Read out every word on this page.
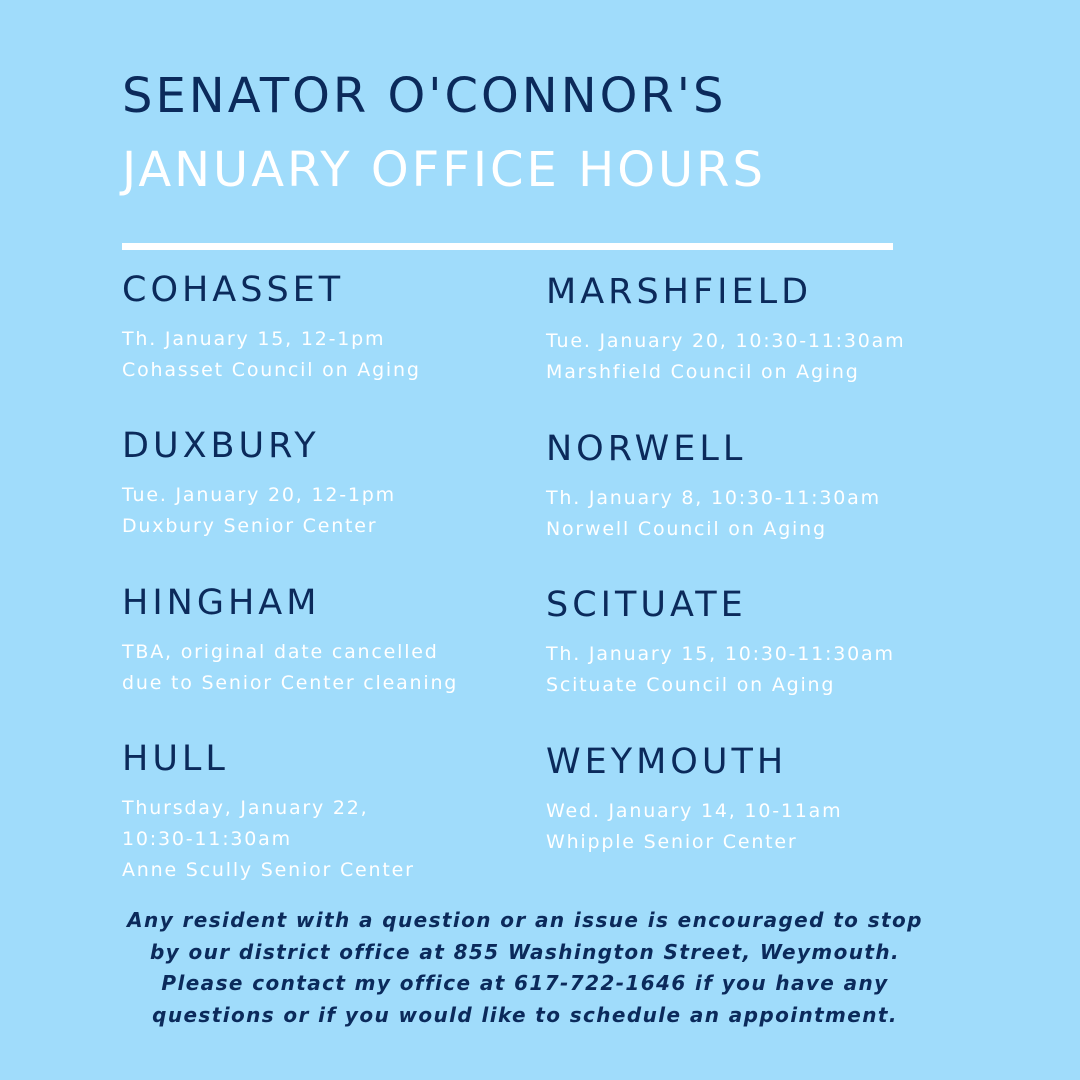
SENATOR O'CONNOR'S
JANUARY OFFICE HOURS
COHASSET
Th. January 15, 12-1pm
Cohasset Council on Aging
DUXBURY
Tue. January 20, 12-1pm
Duxbury Senior Center
HINGHAM
TBA, original date cancelled
due to Senior Center cleaning
HULL
Thursday, January 22,
10:30-11:30am
Anne Scully Senior Center
MARSHFIELD
Tue. January 20, 10:30-11:30am
Marshfield Council on Aging
NORWELL
Th. January 8, 10:30-11:30am
Norwell Council on Aging
SCITUATE
Th. January 15, 10:30-11:30am
Scituate Council on Aging
WEYMOUTH
Wed. January 14, 10-11am
Whipple Senior Center

Any resident with a question or an issue is encouraged to stop by our district office at 855 Washington Street, Weymouth. Please contact my office at 617-722-1646 if you have any questions or if you would like to schedule an appointment.
